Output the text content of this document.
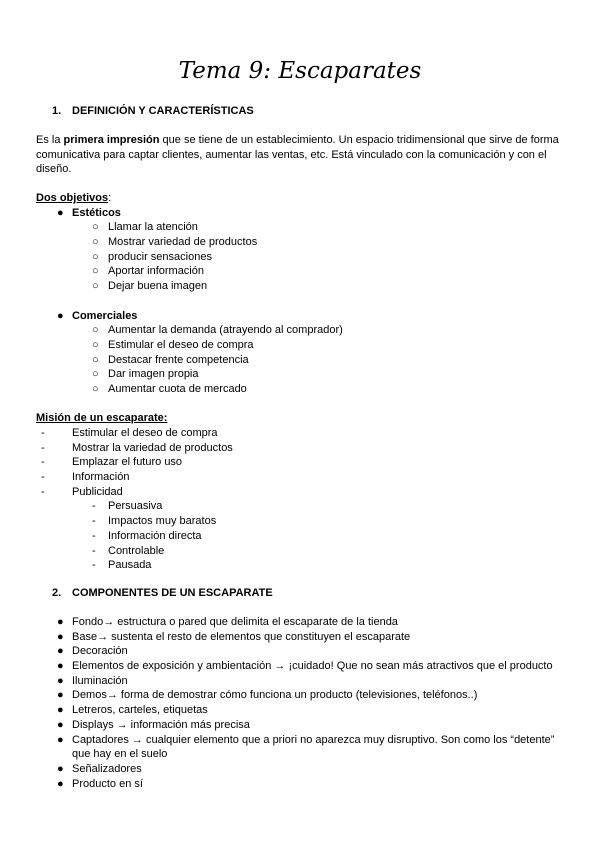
Tema 9: Escaparates
1. DEFINICIÓN Y CARACTERÍSTICAS
Es la primera impresión que se tiene de un establecimiento. Un espacio tridimensional que sirve de forma comunicativa para captar clientes, aumentar las ventas, etc. Está vinculado con la comunicación y con el diseño.
Dos objetivos:
● Estéticos
○ Llamar la atención
○ Mostrar variedad de productos
○ producir sensaciones
○ Aportar información
○ Dejar buena imagen
● Comerciales
○ Aumentar la demanda (atrayendo al comprador)
○ Estimular el deseo de compra
○ Destacar frente competencia
○ Dar imagen propia
○ Aumentar cuota de mercado
Misión de un escaparate:
- Estimular el deseo de compra
- Mostrar la variedad de productos
- Emplazar el futuro uso
- Información
- Publicidad
- Persuasiva
- Impactos muy baratos
- Información directa
- Controlable
- Pausada
2. COMPONENTES DE UN ESCAPARATE
● Fondo→ estructura o pared que delimita el escaparate de la tienda
● Base→ sustenta el resto de elementos que constituyen el escaparate
● Decoración
● Elementos de exposición y ambientación → ¡cuidado! Que no sean más atractivos que el producto
● Iluminación
● Demos→ forma de demostrar cómo funciona un producto (televisiones, teléfonos..)
● Letreros, carteles, etiquetas
● Displays → información más precisa
● Captadores → cualquier elemento que a priori no aparezca muy disruptivo. Son como los “detente” que hay en el suelo
● Señalizadores
● Producto en sí
